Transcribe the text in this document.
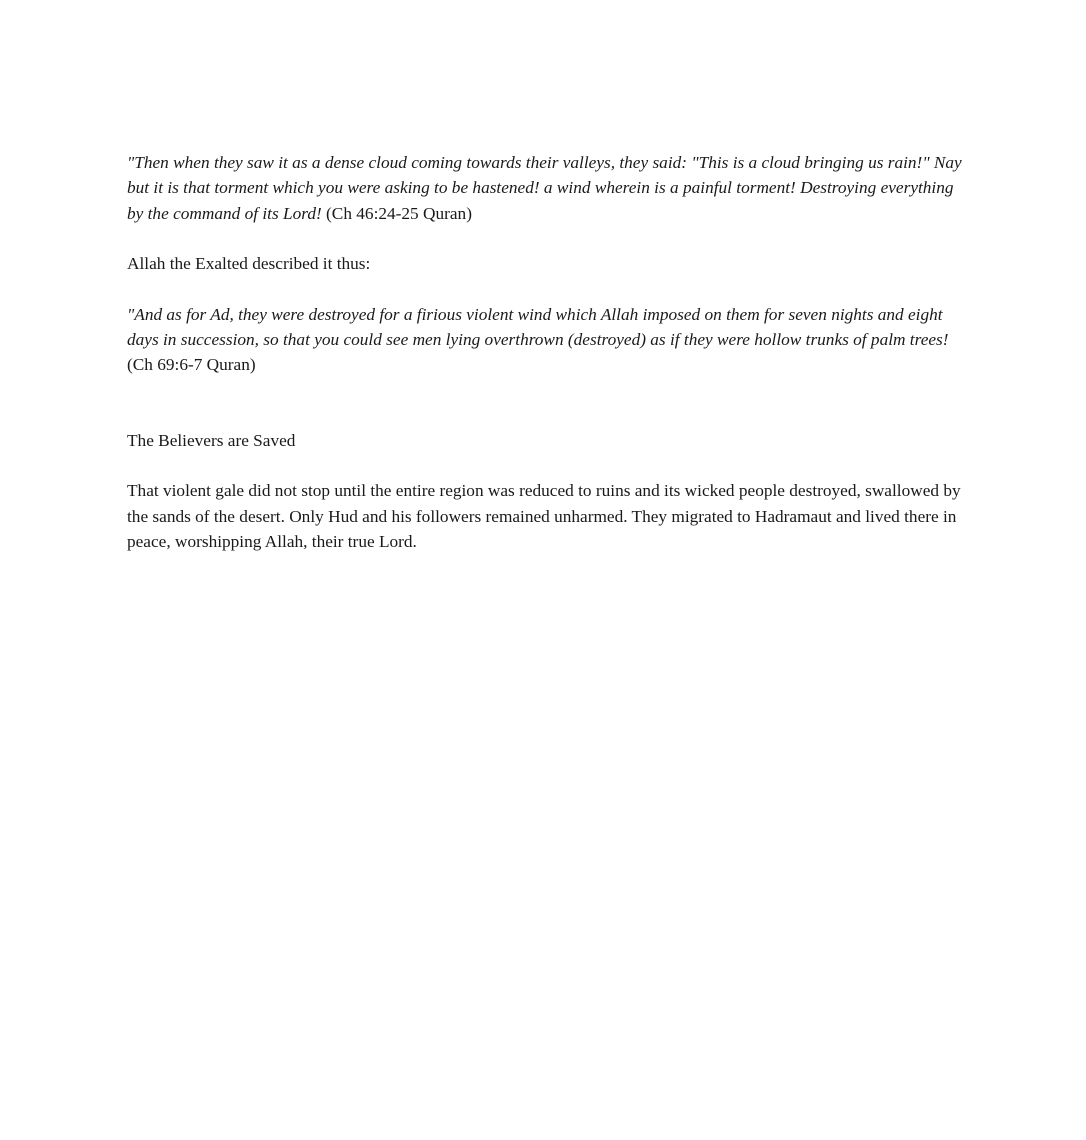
"Then when they saw it as a dense cloud coming towards their valleys, they said: "This is a cloud bringing us rain!" Nay but it is that torment which you were asking to be hastened! a wind wherein is a painful torment! Destroying everything by the command of its Lord! (Ch 46:24-25 Quran)

Allah the Exalted described it thus:

"And as for Ad, they were destroyed for a firious violent wind which Allah imposed on them for seven nights and eight days in succession, so that you could see men lying overthrown (destroyed) as if they were hollow trunks of palm trees! (Ch 69:6-7 Quran)

The Believers are Saved

That violent gale did not stop until the entire region was reduced to ruins and its wicked people destroyed, swallowed by the sands of the desert. Only Hud and his followers remained unharmed. They migrated to Hadramaut and lived there in peace, worshipping Allah, their true Lord.
